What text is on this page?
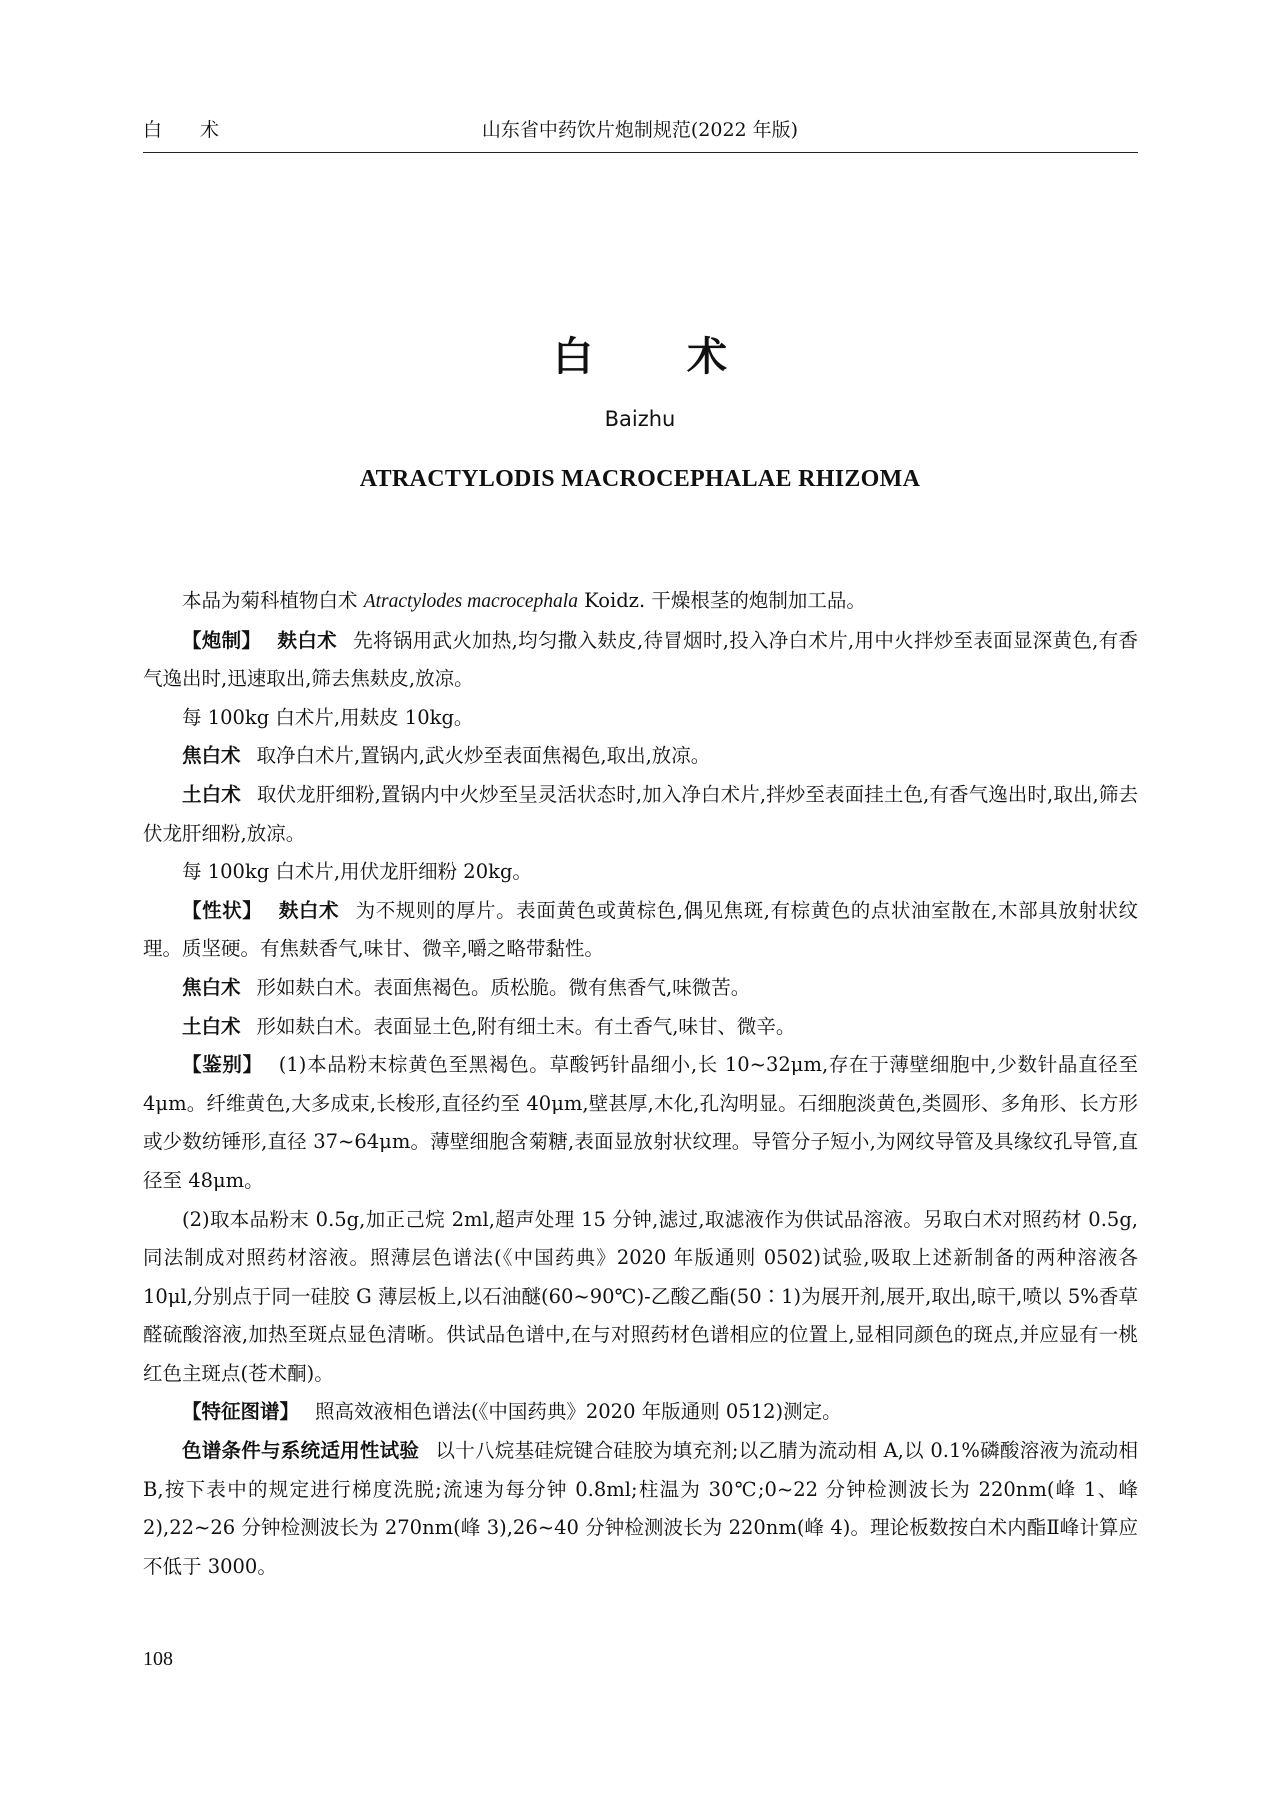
白 术	山东省中药饮片炮制规范(2022 年版)
白 术
Baizhu
ATRACTYLODIS MACROCEPHALAE RHIZOMA

本品为菊科植物白术 Atractylodes macrocephala Koidz. 干燥根茎的炮制加工品。

【炮制】 麸白术 先将锅用武火加热,均匀撒入麸皮,待冒烟时,投入净白术片,用中火拌炒至表面显深黄色,有香气逸出时,迅速取出,筛去焦麸皮,放凉。

每 100kg 白术片,用麸皮 10kg。

焦白术 取净白术片,置锅内,武火炒至表面焦褐色,取出,放凉。

土白术 取伏龙肝细粉,置锅内中火炒至呈灵活状态时,加入净白术片,拌炒至表面挂土色,有香气逸出时,取出,筛去伏龙肝细粉,放凉。

每 100kg 白术片,用伏龙肝细粉 20kg。

【性状】 麸白术 为不规则的厚片。表面黄色或黄棕色,偶见焦斑,有棕黄色的点状油室散在,木部具放射状纹理。质坚硬。有焦麸香气,味甘、微辛,嚼之略带黏性。

焦白术 形如麸白术。表面焦褐色。质松脆。微有焦香气,味微苦。

土白术 形如麸白术。表面显土色,附有细土末。有土香气,味甘、微辛。

【鉴别】 (1)本品粉末棕黄色至黑褐色。草酸钙针晶细小,长 10~32μm,存在于薄壁细胞中,少数针晶直径至 4μm。纤维黄色,大多成束,长梭形,直径约至 40μm,壁甚厚,木化,孔沟明显。石细胞淡黄色,类圆形、多角形、长方形或少数纺锤形,直径 37~64μm。薄壁细胞含菊糖,表面显放射状纹理。导管分子短小,为网纹导管及具缘纹孔导管,直径至 48μm。

(2)取本品粉末 0.5g,加正己烷 2ml,超声处理 15 分钟,滤过,取滤液作为供试品溶液。另取白术对照药材 0.5g,同法制成对照药材溶液。照薄层色谱法(《中国药典》2020 年版通则 0502)试验,吸取上述新制备的两种溶液各 10μl,分别点于同一硅胶 G 薄层板上,以石油醚(60~90℃)-乙酸乙酯(50∶1)为展开剂,展开,取出,晾干,喷以 5%香草醛硫酸溶液,加热至斑点显色清晰。供试品色谱中,在与对照药材色谱相应的位置上,显相同颜色的斑点,并应显有一桃红色主斑点(苍术酮)。

【特征图谱】 照高效液相色谱法(《中国药典》2020 年版通则 0512)测定。

色谱条件与系统适用性试验 以十八烷基硅烷键合硅胶为填充剂;以乙腈为流动相 A,以 0.1%磷酸溶液为流动相 B,按下表中的规定进行梯度洗脱;流速为每分钟 0.8ml;柱温为 30℃;0~22 分钟检测波长为 220nm(峰 1、峰 2),22~26 分钟检测波长为 270nm(峰 3),26~40 分钟检测波长为 220nm(峰 4)。理论板数按白术内酯Ⅱ峰计算应不低于 3000。

108
